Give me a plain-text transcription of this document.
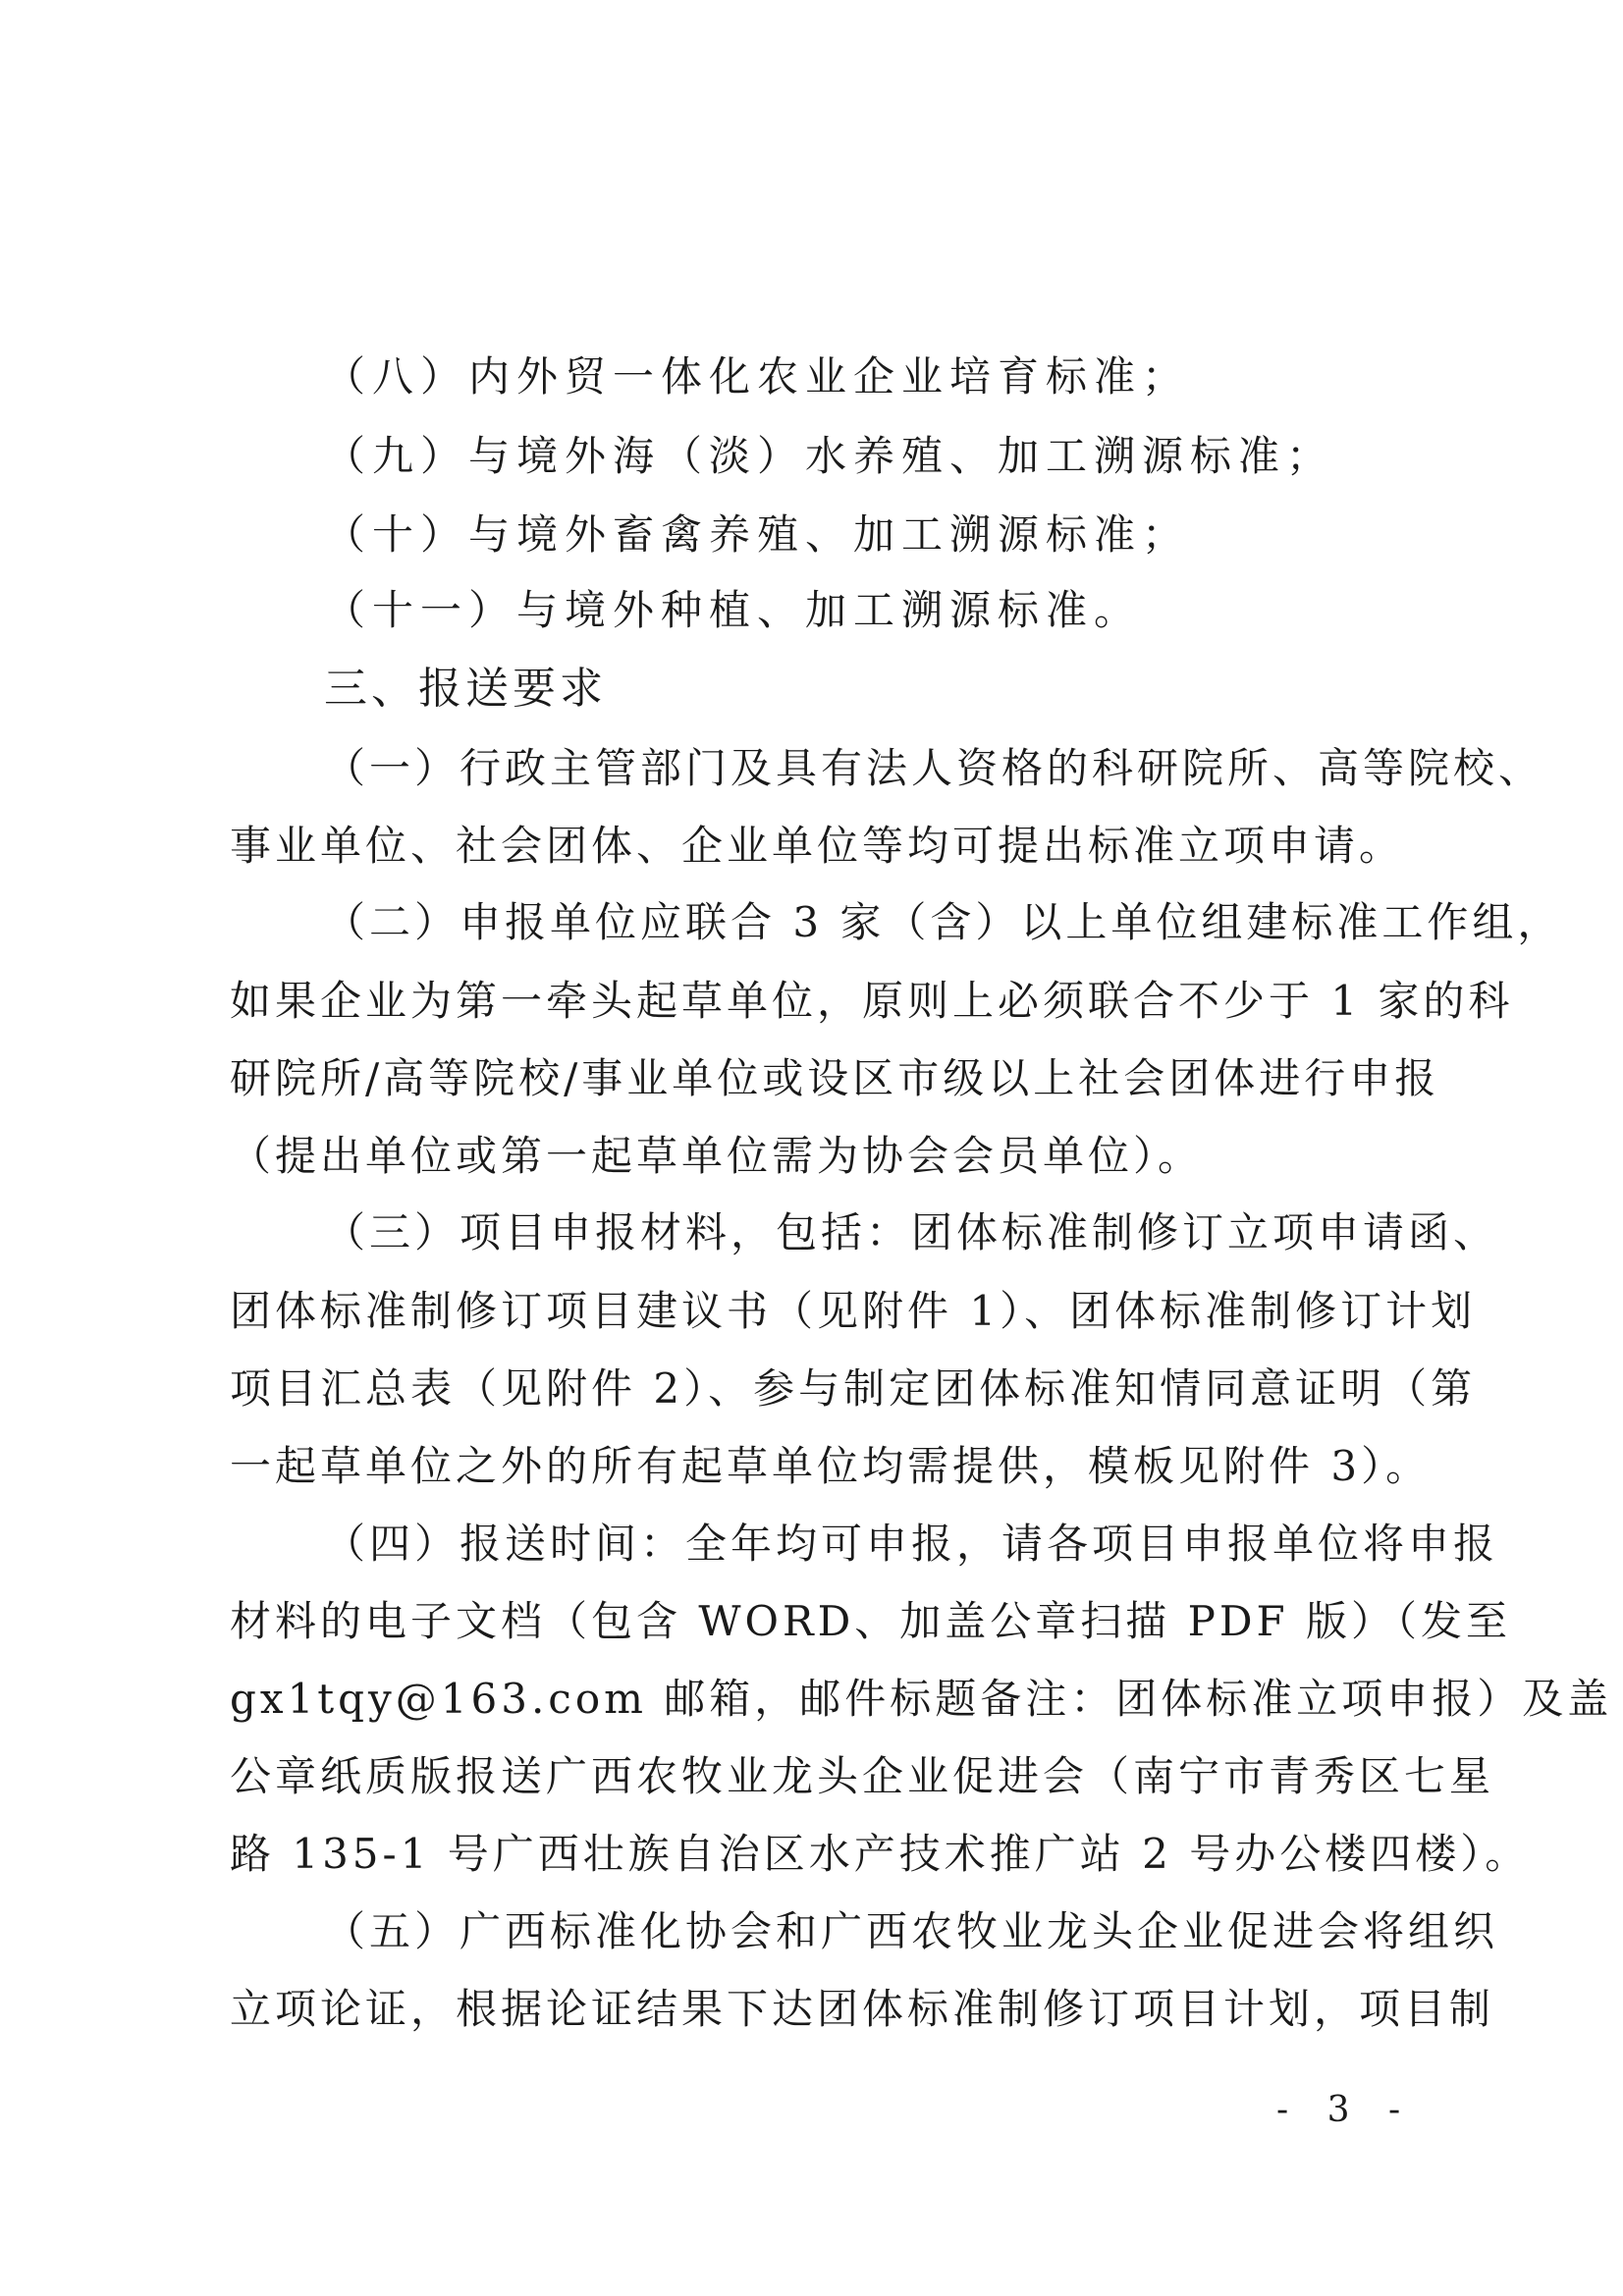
（八）内外贸一体化农业企业培育标准；
（九）与境外海（淡）水养殖、加工溯源标准；
（十）与境外畜禽养殖、加工溯源标准；
（十一）与境外种植、加工溯源标准。
三、报送要求
（一）行政主管部门及具有法人资格的科研院所、高等院校、
事业单位、社会团体、企业单位等均可提出标准立项申请。
（二）申报单位应联合 3 家（含）以上单位组建标准工作组，
如果企业为第一牵头起草单位，原则上必须联合不少于 1 家的科
研院所/高等院校/事业单位或设区市级以上社会团体进行申报
（提出单位或第一起草单位需为协会会员单位）。
（三）项目申报材料，包括：团体标准制修订立项申请函、
团体标准制修订项目建议书（见附件 1）、团体标准制修订计划
项目汇总表（见附件 2）、参与制定团体标准知情同意证明（第
一起草单位之外的所有起草单位均需提供，模板见附件 3）。
（四）报送时间：全年均可申报，请各项目申报单位将申报
材料的电子文档（包含 WORD、加盖公章扫描 PDF 版）（发至
gx1tqy@163.com 邮箱，邮件标题备注：团体标准立项申报）及盖
公章纸质版报送广西农牧业龙头企业促进会（南宁市青秀区七星
路 135-1 号广西壮族自治区水产技术推广站 2 号办公楼四楼）。
（五）广西标准化协会和广西农牧业龙头企业促进会将组织
立项论证，根据论证结果下达团体标准制修订项目计划，项目制
- 3 -
